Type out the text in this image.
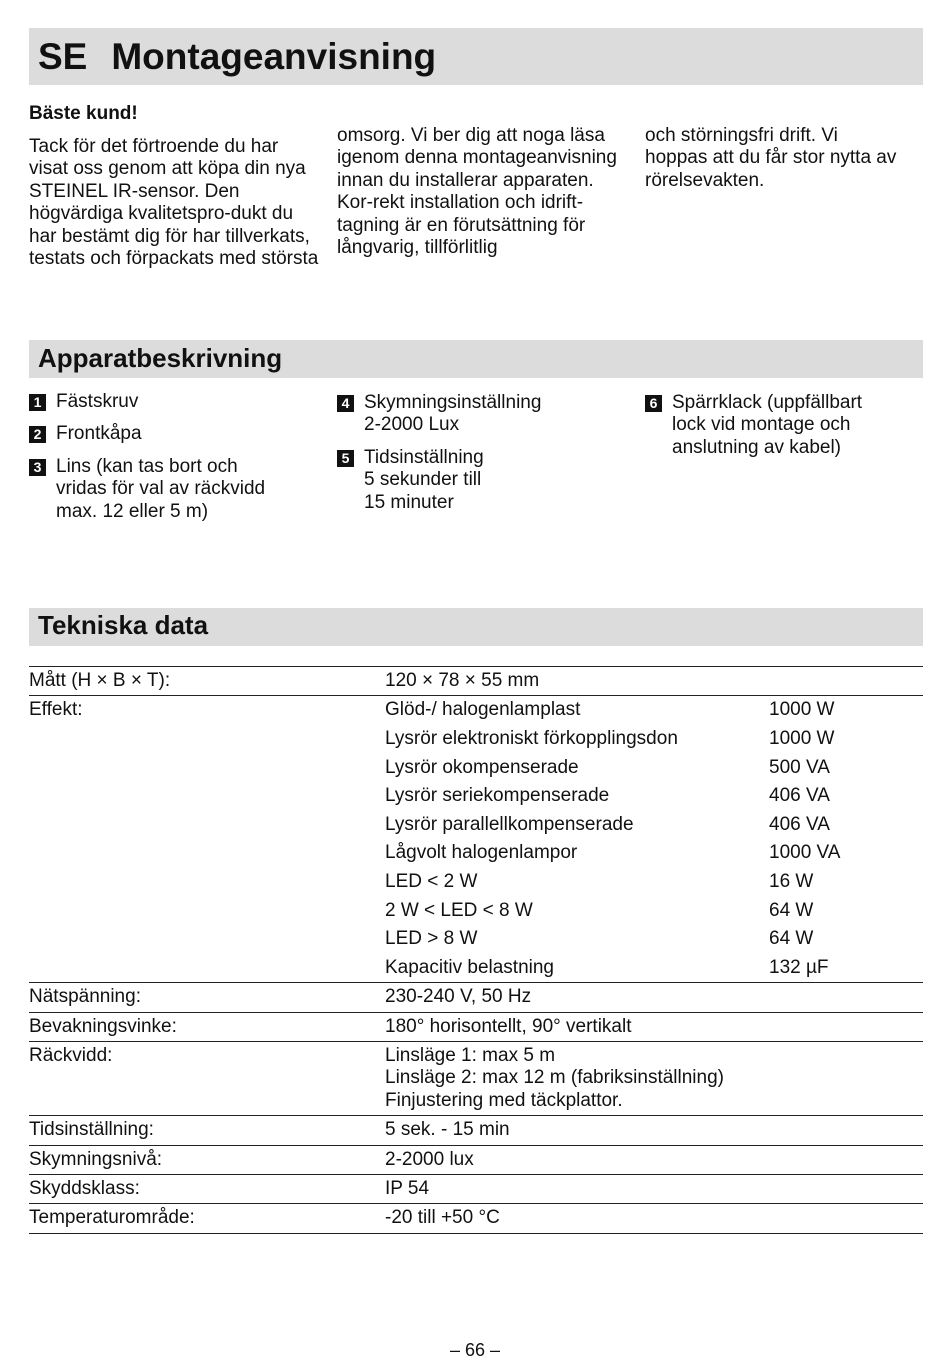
SE Montageanvisning
Bäste kund!

Tack för det förtroende du har visat oss genom att köpa din nya STEINEL IR-sensor. Den högvärdiga kvalitetspro-dukt du har bestämt dig för har tillverkats, testats och förpackats med största

omsorg. Vi ber dig att noga läsa igenom denna montageanvisning innan du installerar apparaten. Kor-rekt installation och idrift-tagning är en förutsättning för långvarig, tillförlitlig

och störningsfri drift. Vi hoppas att du får stor nytta av rörelsevakten.

Apparatbeskrivning
1 Fästskruv
2 Frontkåpa
3 Lins (kan tas bort och
vridas för val av räckvidd
max. 12 eller 5 m)
4 Skymningsinställning
2-2000 Lux
5 Tidsinställning
5 sekunder till
15 minuter
6 Spärrklack (uppfällbart
lock vid montage och
anslutning av kabel)
Tekniska data
Mått (H × B × T):	120 × 78 × 55 mm
Effekt:	Glöd-/ halogenlamplast	1000 W
Lysrör elektroniskt förkopplingsdon	1000 W
Lysrör okompenserade	500 VA
Lysrör seriekompenserade	406 VA
Lysrör parallellkompenserade	406 VA
Lågvolt halogenlampor	1000 VA
LED < 2 W	16 W
2 W < LED < 8 W	64 W
LED > 8 W	64 W
Kapacitiv belastning	132 µF
Nätspänning:	230-240 V, 50 Hz
Bevakningsvinke:	180° horisontellt, 90° vertikalt
Räckvidd:	Linsläge 1: max 5 m
Linsläge 2: max 12 m (fabriksinställning)
Finjustering med täckplattor.
Tidsinställning:	5 sek. - 15 min
Skymningsnivå:	2-2000 lux
Skyddsklass:	IP 54
Temperaturområde:	-20 till +50 °C
– 66 –
